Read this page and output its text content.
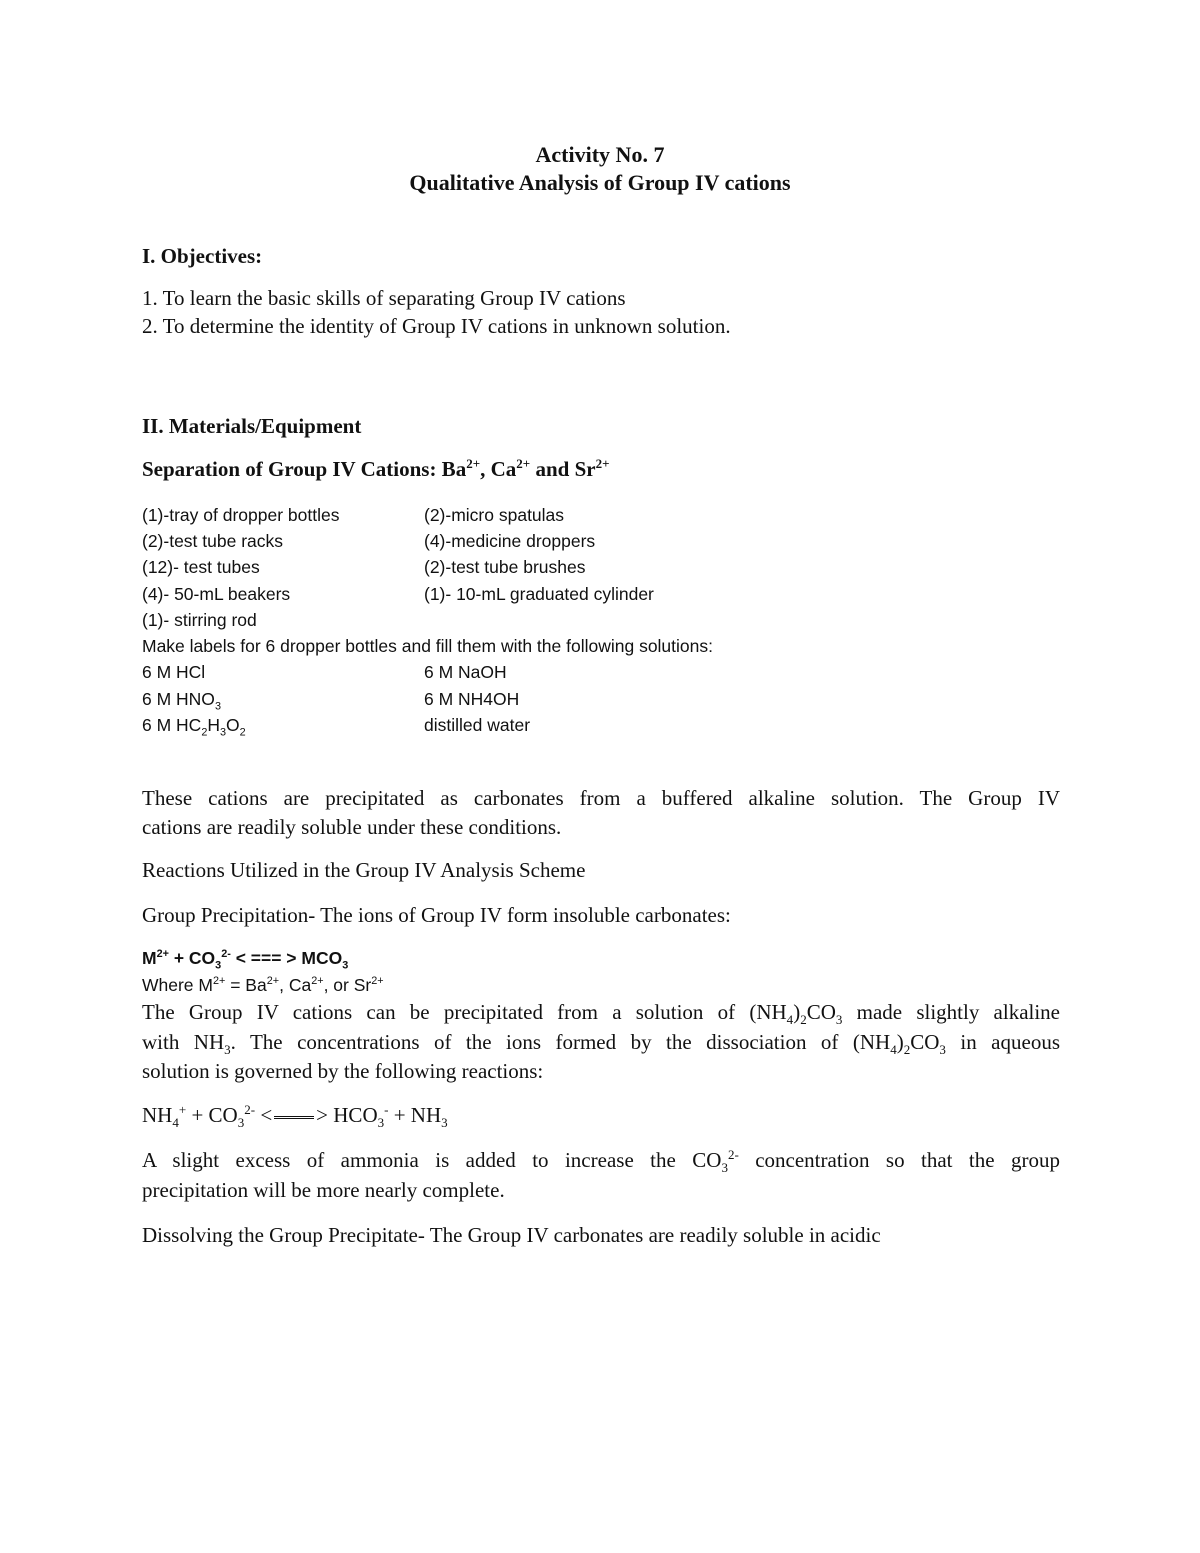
Activity No. 7
Qualitative Analysis of Group IV cations
I. Objectives:
1. To learn the basic skills of separating Group IV cations
2. To determine the identity of Group IV cations in unknown solution.
II. Materials/Equipment
Separation of Group IV Cations: $Ba^{2+}$, $Ca^{2+}$ and $Sr^{2+}$
(1)-tray of dropper bottles	(2)-micro spatulas
(2)-test tube racks	(4)-medicine droppers
(12)- test tubes	(2)-test tube brushes
(4)- 50-mL beakers	(1)- 10-mL graduated cylinder
(1)- stirring rod
Make labels for 6 dropper bottles and fill them with the following solutions:
6 M HCl	6 M NaOH
6 M $HNO_3$	6 M NH4OH
6 M $HC_2H_3O_2$	distilled water
These cations are precipitated as carbonates from a buffered alkaline solution. The Group IV
cations are readily soluble under these conditions.
Reactions Utilized in the Group IV Analysis Scheme
Group Precipitation- The ions of Group IV form insoluble carbonates:
$M^{2+} + CO_3^{2-}$ < === > $MCO_3$
Where $M^{2+} = Ba^{2+}$, $Ca^{2+}$, or $Sr^{2+}$
The Group IV cations can be precipitated from a solution of $(NH_4)_2CO_3$ made slightly alkaline
with $NH_3$. The concentrations of the ions formed by the dissociation of $(NH_4)_2CO_3$ in aqueous
solution is governed by the following reactions:
$NH_4^+ + CO_3^{2-}$ < > $HCO_3^- + NH_3$
A slight excess of ammonia is added to increase the $CO_3^{2-}$ concentration so that the group
precipitation will be more nearly complete.
Dissolving the Group Precipitate- The Group IV carbonates are readily soluble in acidic
